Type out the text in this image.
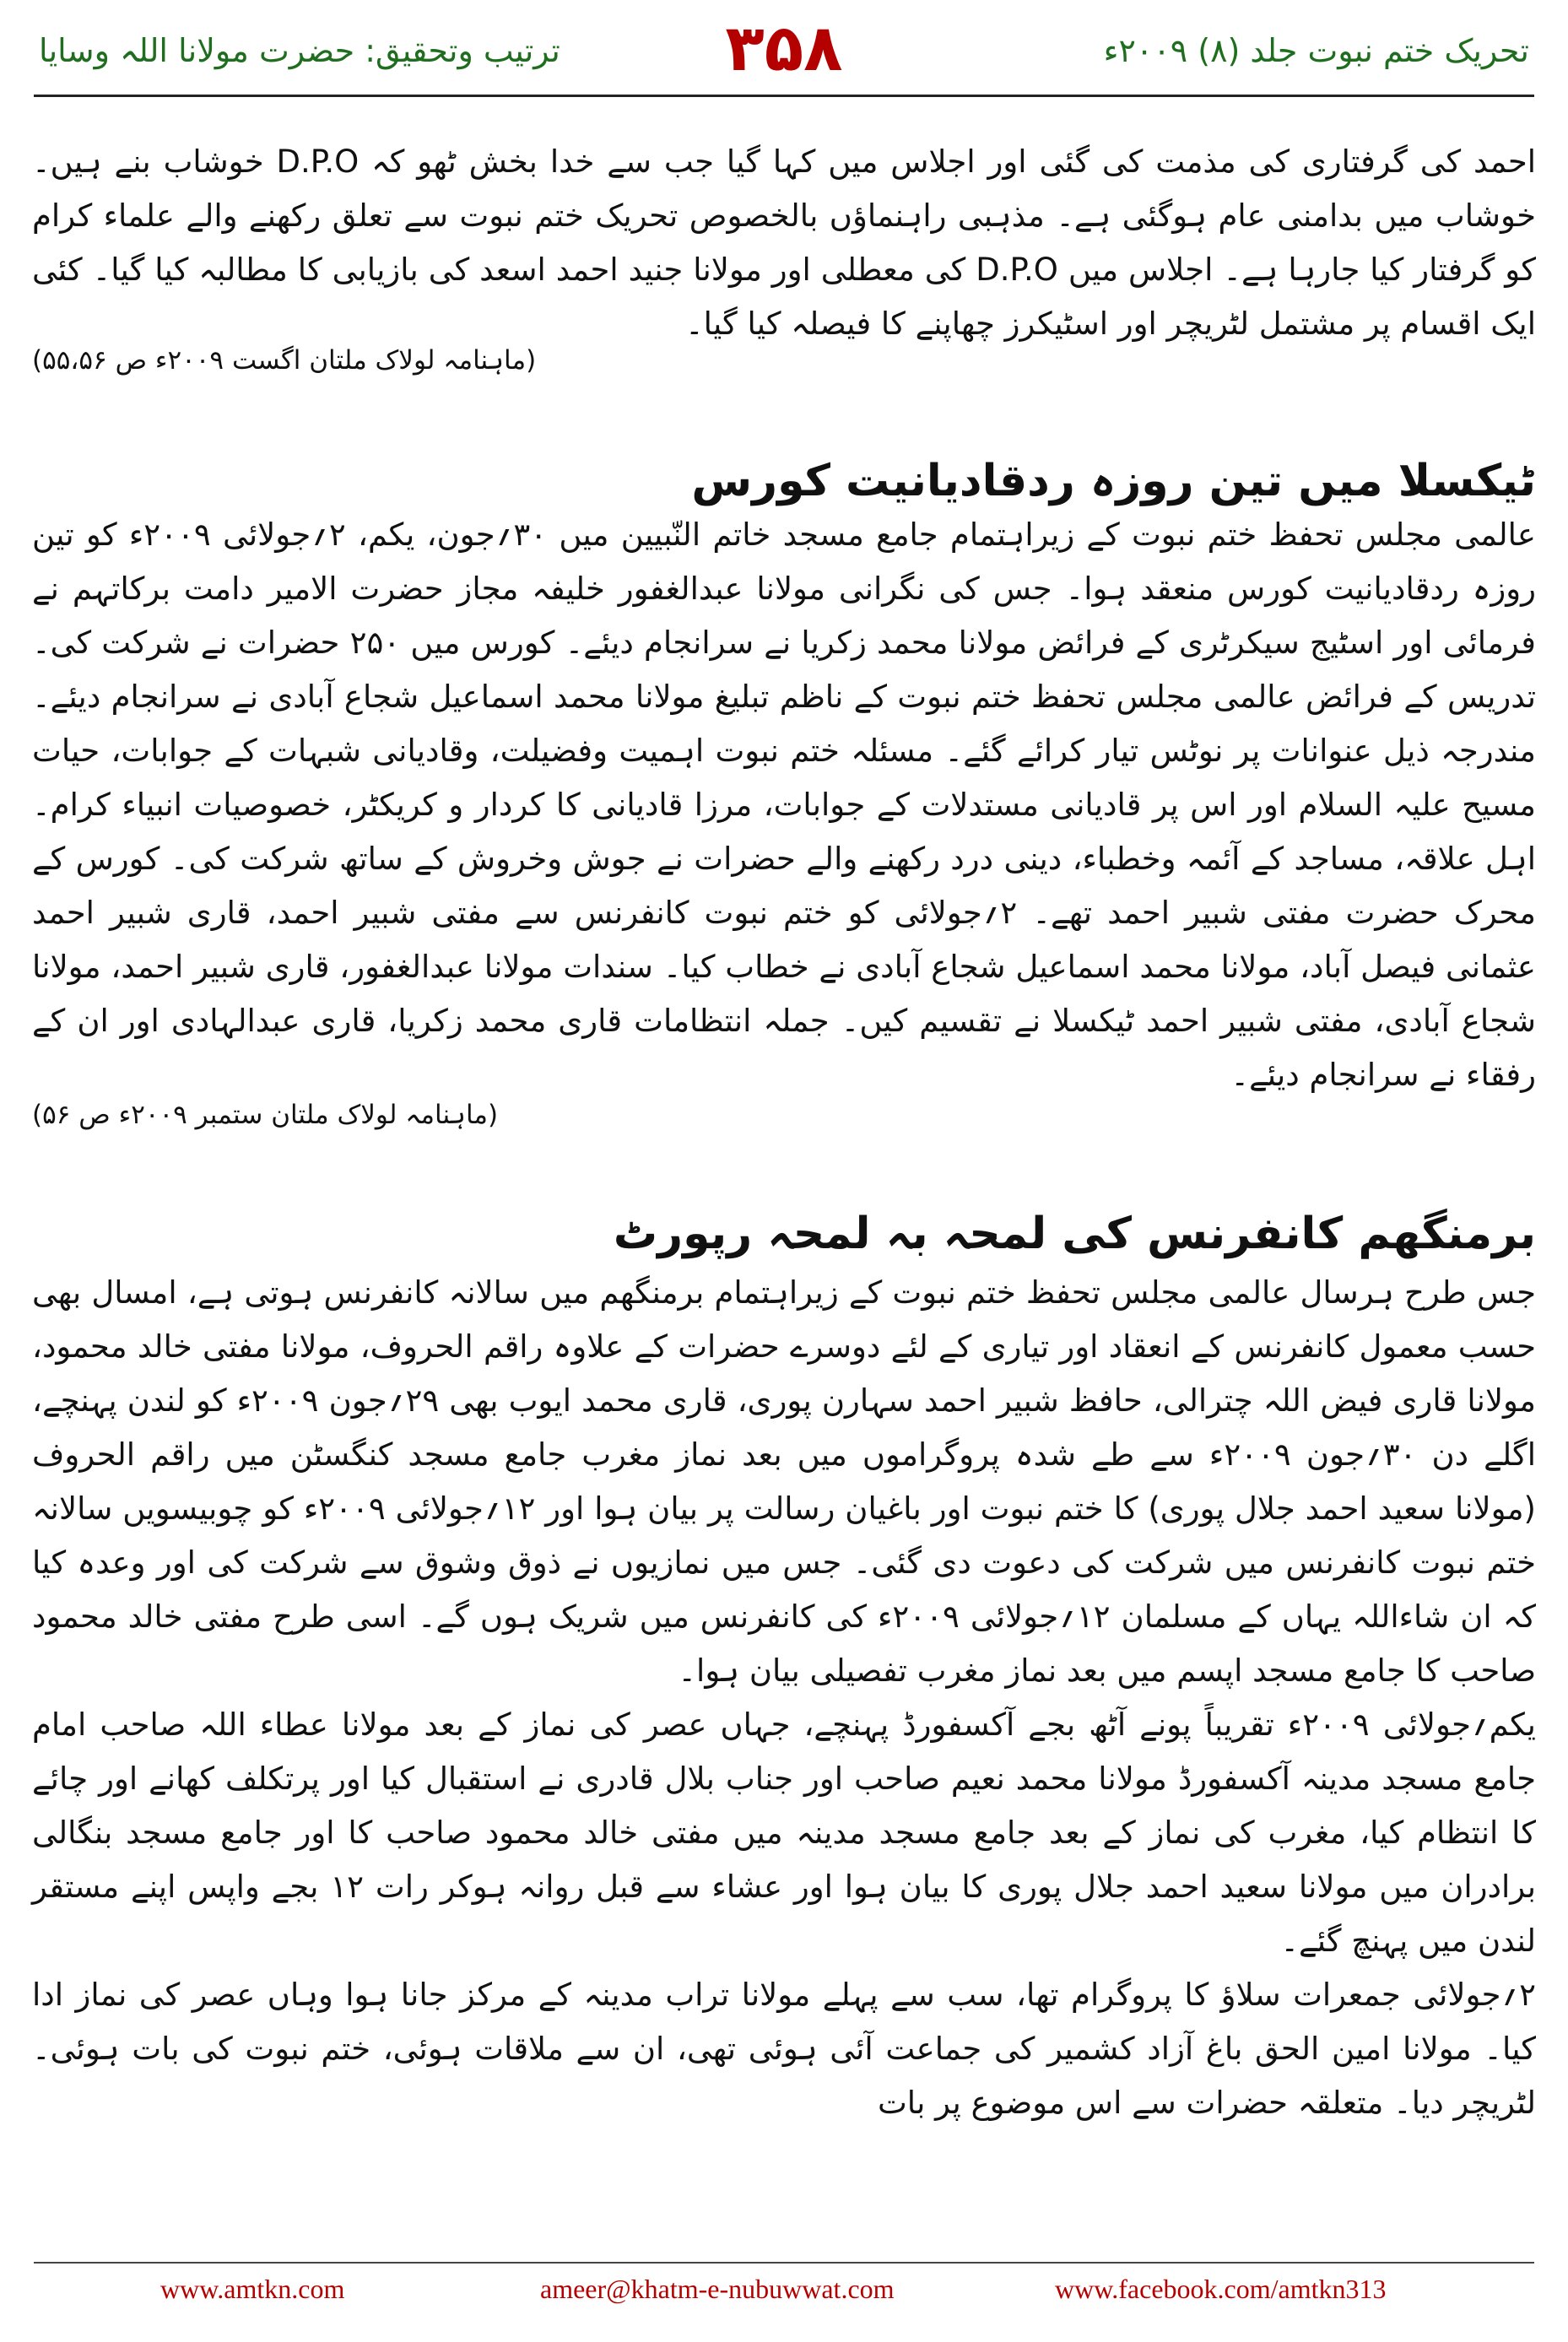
تحریک ختم نبوت جلد (۸) ۲۰۰۹ء
۳۵۸
ترتیب وتحقیق: حضرت مولانا اللہ وسایا

احمد کی گرفتاری کی مذمت کی گئی اور اجلاس میں کہا گیا جب سے خدا بخش ٹھو کہ D.P.O خوشاب بنے ہیں۔ خوشاب میں بدامنی عام ہوگئی ہے۔ مذہبی راہنماؤں بالخصوص تحریک ختم نبوت سے تعلق رکھنے والے علماء کرام کو گرفتار کیا جارہا ہے۔ اجلاس میں D.P.O کی معطلی اور مولانا جنید احمد اسعد کی بازیابی کا مطالبہ کیا گیا۔ کئی ایک اقسام پر مشتمل لٹریچر اور اسٹیکرز چھاپنے کا فیصلہ کیا گیا۔

(ماہنامہ لولاک ملتان اگست ۲۰۰۹ء ص ۵۵،۵۶)
ٹیکسلا میں تین روزہ ردقادیانیت کورس

عالمی مجلس تحفظ ختم نبوت کے زیراہتمام جامع مسجد خاتم النّبیین میں ۳۰؍جون، یکم، ۲؍جولائی ۲۰۰۹ء کو تین روزہ ردقادیانیت کورس منعقد ہوا۔ جس کی نگرانی مولانا عبدالغفور خلیفہ مجاز حضرت الامیر دامت برکاتہم نے فرمائی اور اسٹیج سیکرٹری کے فرائض مولانا محمد زکریا نے سرانجام دیئے۔ کورس میں ۲۵۰ حضرات نے شرکت کی۔ تدریس کے فرائض عالمی مجلس تحفظ ختم نبوت کے ناظم تبلیغ مولانا محمد اسماعیل شجاع آبادی نے سرانجام دیئے۔ مندرجہ ذیل عنوانات پر نوٹس تیار کرائے گئے۔ مسئلہ ختم نبوت اہمیت وفضیلت، وقادیانی شبہات کے جوابات، حیات مسیح علیہ السلام اور اس پر قادیانی مستدلات کے جوابات، مرزا قادیانی کا کردار و کریکٹر، خصوصیات انبیاء کرام۔ اہل علاقہ، مساجد کے آئمہ وخطباء، دینی درد رکھنے والے حضرات نے جوش وخروش کے ساتھ شرکت کی۔ کورس کے محرک حضرت مفتی شبیر احمد تھے۔ ۲؍جولائی کو ختم نبوت کانفرنس سے مفتی شبیر احمد، قاری شبیر احمد عثمانی فیصل آباد، مولانا محمد اسماعیل شجاع آبادی نے خطاب کیا۔ سندات مولانا عبدالغفور، قاری شبیر احمد، مولانا شجاع آبادی، مفتی شبیر احمد ٹیکسلا نے تقسیم کیں۔ جملہ انتظامات قاری محمد زکریا، قاری عبدالہادی اور ان کے رفقاء نے سرانجام دیئے۔

(ماہنامہ لولاک ملتان ستمبر ۲۰۰۹ء ص ۵۶)
برمنگھم کانفرنس کی لمحہ بہ لمحہ رپورٹ

جس طرح ہرسال عالمی مجلس تحفظ ختم نبوت کے زیراہتمام برمنگھم میں سالانہ کانفرنس ہوتی ہے، امسال بھی حسب معمول کانفرنس کے انعقاد اور تیاری کے لئے دوسرے حضرات کے علاوہ راقم الحروف، مولانا مفتی خالد محمود، مولانا قاری فیض اللہ چترالی، حافظ شبیر احمد سہارن پوری، قاری محمد ایوب بھی ۲۹؍جون ۲۰۰۹ء کو لندن پہنچے، اگلے دن ۳۰؍جون ۲۰۰۹ء سے طے شدہ پروگراموں میں بعد نماز مغرب جامع مسجد کنگسٹن میں راقم الحروف (مولانا سعید احمد جلال پوری) کا ختم نبوت اور باغیان رسالت پر بیان ہوا اور ۱۲؍جولائی ۲۰۰۹ء کو چوبیسویں سالانہ ختم نبوت کانفرنس میں شرکت کی دعوت دی گئی۔ جس میں نمازیوں نے ذوق وشوق سے شرکت کی اور وعدہ کیا کہ ان شاءاللہ یہاں کے مسلمان ۱۲؍جولائی ۲۰۰۹ء کی کانفرنس میں شریک ہوں گے۔ اسی طرح مفتی خالد محمود صاحب کا جامع مسجد اپسم میں بعد نماز مغرب تفصیلی بیان ہوا۔

یکم؍جولائی ۲۰۰۹ء تقریباً پونے آٹھ بجے آکسفورڈ پہنچے، جہاں عصر کی نماز کے بعد مولانا عطاء اللہ صاحب امام جامع مسجد مدینہ آکسفورڈ مولانا محمد نعیم صاحب اور جناب بلال قادری نے استقبال کیا اور پرتکلف کھانے اور چائے کا انتظام کیا، مغرب کی نماز کے بعد جامع مسجد مدینہ میں مفتی خالد محمود صاحب کا اور جامع مسجد بنگالی برادران میں مولانا سعید احمد جلال پوری کا بیان ہوا اور عشاء سے قبل روانہ ہوکر رات ۱۲ بجے واپس اپنے مستقر لندن میں پہنچ گئے۔

۲؍جولائی جمعرات سلاؤ کا پروگرام تھا، سب سے پہلے مولانا تراب مدینہ کے مرکز جانا ہوا وہاں عصر کی نماز ادا کیا۔ مولانا امین الحق باغ آزاد کشمیر کی جماعت آئی ہوئی تھی، ان سے ملاقات ہوئی، ختم نبوت کی بات ہوئی۔ لٹریچر دیا۔ متعلقہ حضرات سے اس موضوع پر بات

www.amtkn.com	ameer@khatm-e-nubuwwat.com	www.facebook.com/amtkn313
